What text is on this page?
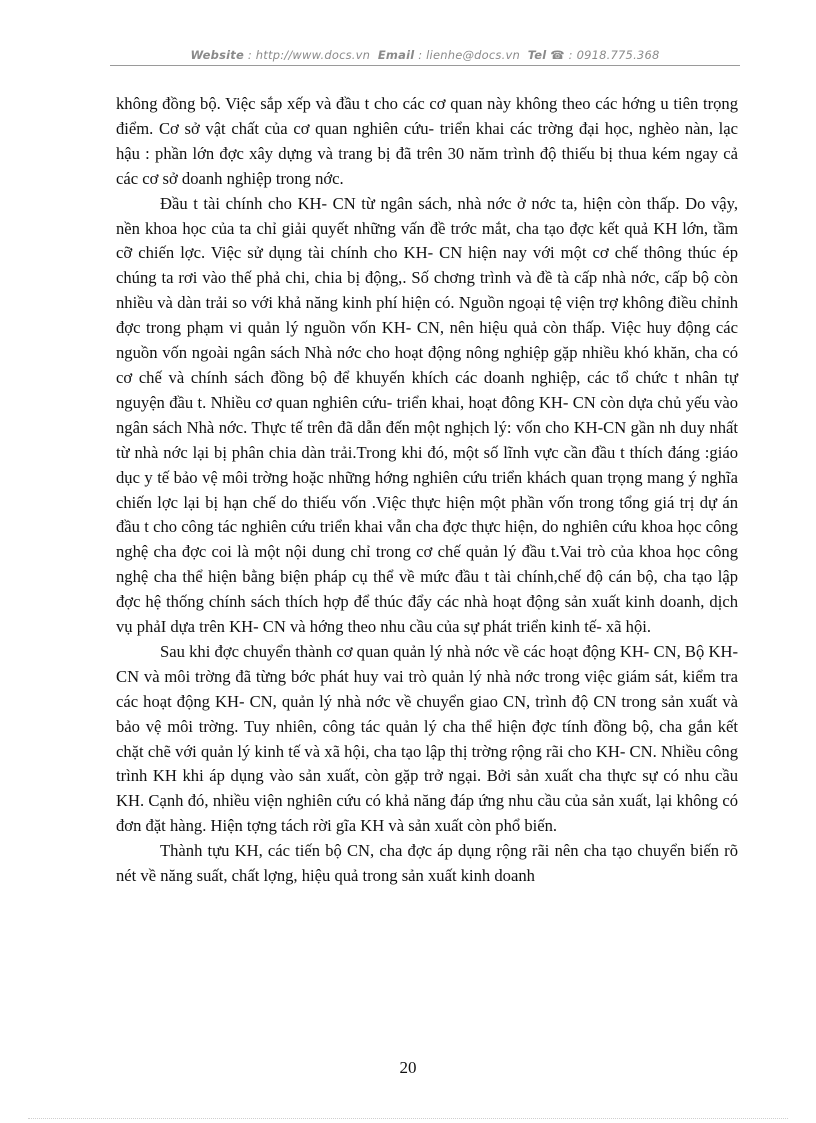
Website : http://www.docs.vn Email : lienhe@docs.vn Tel ☎ : 0918.775.368

không đồng bộ. Việc sắp xếp và đầu t cho các cơ quan này không theo các hớng u tiên trọng điểm. Cơ sở vật chất của cơ quan nghiên cứu- triển khai các trờng đại học, nghèo nàn, lạc hậu : phần lớn đợc xây dựng và trang bị đã trên 30 năm trình độ thiếu bị thua kém ngay cả các cơ sở doanh nghiệp trong nớc.

Đầu t tài chính cho KH- CN từ ngân sách, nhà nớc ở nớc ta, hiện còn thấp. Do vậy, nền khoa học của ta chỉ giải quyết những vấn đề trớc mắt, cha tạo đợc kết quả KH lớn, tầm cỡ chiến lợc. Việc sử dụng tài chính cho KH- CN hiện nay với một cơ chế thông thúc ép chúng ta rơi vào thế phả chi, chia bị động,. Số chơng trình và đề tà cấp nhà nớc, cấp bộ còn nhiều và dàn trải so với khả năng kinh phí hiện có. Nguồn ngoại tệ viện trợ không điều chỉnh đợc trong phạm vi quản lý nguồn vốn KH- CN, nên hiệu quả còn thấp. Việc huy động các nguồn vốn ngoài ngân sách Nhà nớc cho hoạt động nông nghiệp gặp nhiều khó khăn, cha có cơ chế và chính sách đồng bộ để khuyến khích các doanh nghiệp, các tổ chức t nhân tự nguyện đầu t. Nhiều cơ quan nghiên cứu- triển khai, hoạt đông KH- CN còn dựa chủ yếu vào ngân sách Nhà nớc. Thực tế trên đã dẫn đến một nghịch lý: vốn cho KH-CN gần nh duy nhất từ nhà nớc lại bị phân chia dàn trải.Trong khi đó, một số lĩnh vực cần đầu t thích đáng :giáo dục y tế bảo vệ môi trờng hoặc những hớng nghiên cứu triển khách quan trọng mang ý nghĩa chiến lợc lại bị hạn chế do thiếu vốn .Việc thực hiện một phần vốn trong tổng giá trị dự án đầu t cho công tác nghiên cứu triển khai vẫn cha đợc thực hiện, do nghiên cứu khoa học công nghệ cha đợc coi là một nội dung chỉ trong cơ chế quản lý đầu t.Vai trò của khoa học công nghệ cha thể hiện bằng biện pháp cụ thể về mức đầu t tài chính,chế độ cán bộ, cha tạo lập đợc hệ thống chính sách thích hợp để thúc đẩy các nhà hoạt động sản xuất kinh doanh, dịch vụ phảI dựa trên KH- CN và hớng theo nhu cầu của sự phát triển kinh tế- xã hội.

Sau khi đợc chuyển thành cơ quan quản lý nhà nớc về các hoạt động KH- CN, Bộ KH- CN và môi trờng đã từng bớc phát huy vai trò quản lý nhà nớc trong việc giám sát, kiểm tra các hoạt động KH- CN, quản lý nhà nớc về chuyển giao CN, trình độ CN trong sản xuất và bảo vệ môi trờng. Tuy nhiên, công tác quản lý cha thể hiện đợc tính đồng bộ, cha gắn kết chặt chẽ với quản lý kinh tế và xã hội, cha tạo lập thị trờng rộng rãi cho KH- CN. Nhiều công trình KH khi áp dụng vào sản xuất, còn gặp trở ngại. Bởi sản xuất cha thực sự có nhu cầu KH. Cạnh đó, nhiều viện nghiên cứu có khả năng đáp ứng nhu cầu của sản xuất, lại không có đơn đặt hàng. Hiện tợng tách rời gĩa KH và sản xuất còn phổ biến.

Thành tựu KH, các tiến bộ CN, cha đợc áp dụng rộng rãi nên cha tạo chuyển biến rõ nét về năng suất, chất lợng, hiệu quả trong sản xuất kinh doanh

20
